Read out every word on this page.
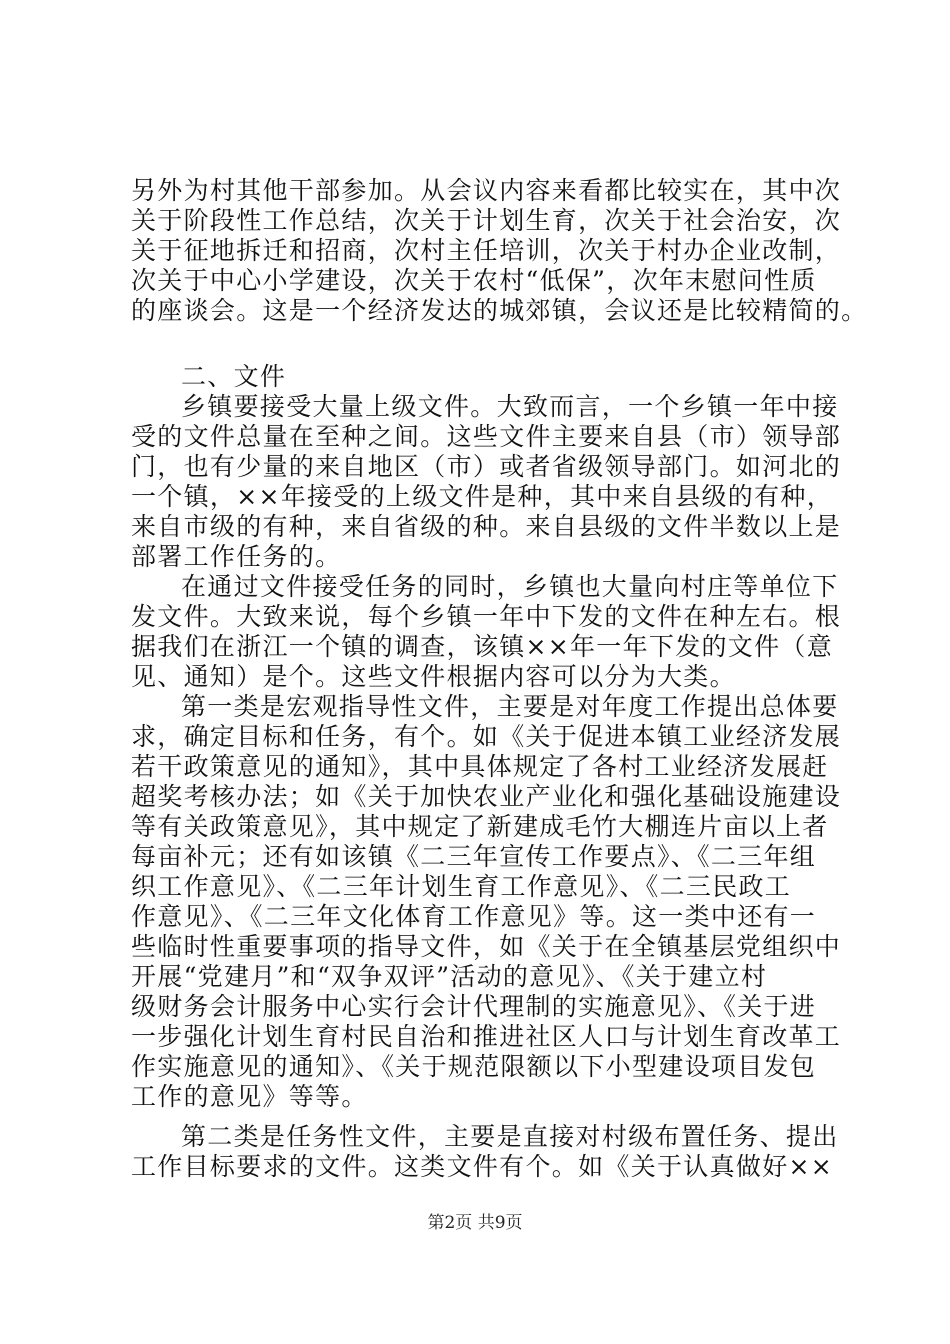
另外为村其他干部参加。从会议内容来看都比较实在，其中次
关于阶段性工作总结，次关于计划生育，次关于社会治安，次
关于征地拆迁和招商，次村主任培训，次关于村办企业改制，
次关于中心小学建设，次关于农村“低保”，次年末慰问性质
的座谈会。这是一个经济发达的城郊镇，会议还是比较精简的。
二、文件
乡镇要接受大量上级文件。大致而言，一个乡镇一年中接
受的文件总量在至种之间。这些文件主要来自县（市）领导部
门，也有少量的来自地区（市）或者省级领导部门。如河北的
一个镇，××年接受的上级文件是种，其中来自县级的有种，
来自市级的有种，来自省级的种。来自县级的文件半数以上是
部署工作任务的。
在通过文件接受任务的同时，乡镇也大量向村庄等单位下
发文件。大致来说，每个乡镇一年中下发的文件在种左右。根
据我们在浙江一个镇的调查，该镇××年一年下发的文件（意
见、通知）是个。这些文件根据内容可以分为大类。
第一类是宏观指导性文件，主要是对年度工作提出总体要
求，确定目标和任务，有个。如《关于促进本镇工业经济发展
若干政策意见的通知》，其中具体规定了各村工业经济发展赶
超奖考核办法；如《关于加快农业产业化和强化基础设施建设
等有关政策意见》，其中规定了新建成毛竹大棚连片亩以上者
每亩补元；还有如该镇《二三年宣传工作要点》、《二三年组
织工作意见》、《二三年计划生育工作意见》、《二三民政工
作意见》、《二三年文化体育工作意见》等。这一类中还有一
些临时性重要事项的指导文件，如《关于在全镇基层党组织中
开展“党建月”和“双争双评”活动的意见》、《关于建立村
级财务会计服务中心实行会计代理制的实施意见》、《关于进
一步强化计划生育村民自治和推进社区人口与计划生育改革工
作实施意见的通知》、《关于规范限额以下小型建设项目发包
工作的意见》等等。
第二类是任务性文件，主要是直接对村级布置任务、提出
工作目标要求的文件。这类文件有个。如《关于认真做好××
第2页 共9页
